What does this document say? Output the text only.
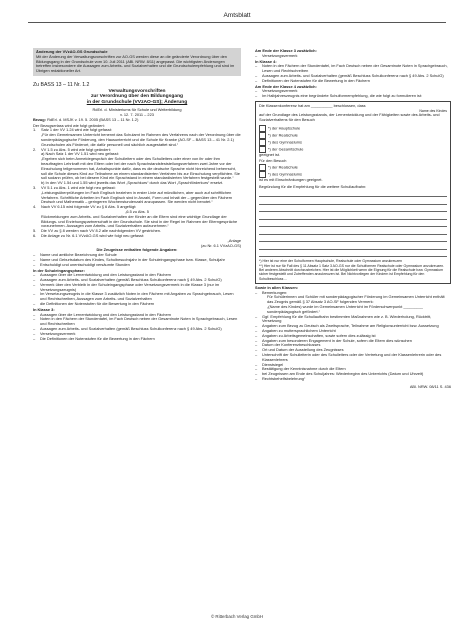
Amtsblatt
Änderung der VVzAO-GS Grundschule
Mit der Änderung der Verwaltungsvorschriften zur AO-GS werden diese an die geänderte Verordnung über den Bildungsgang in der Grundschule vom 10. Juli 2011 (ABl. NRW. 8/11) angepasst. Die wichtigsten Änderungen betreffen insbesondere die Aussagen zum Arbeits- und Sozialverhalten und die Grundschulempfehlung und sind im Übrigen redaktioneller Art.
Zu BASS 13 – 11 Nr. 1.2
Verwaltungsvorschriften
zur Verordnung über den Bildungsgang
in der Grundschule (VVzAO-GS); Änderung
RdErl. d. Ministeriums für Schule und Weiterbildung
v. 12. 7. 2011 – 223
Bezug: RdErl. d. MSJK v. 19. 5. 2005 (BASS 13 – 11 Nr. 1.2)
Der Bezugserlass wird wie folgt geändert:
1.	Satz 1 der VV 1.24 wird wie folgt gefasst:
„Für den Gemeinsamen Unterricht benennt das Schulamt im Rahmen des Verfahrens nach der Verordnung über die sonderpädagogische Förderung, den Hausunterricht und die Schule für Kranke (AO-SF – BASS 13 – 41 Nr. 2.1) Grundschulen als Förderort, die dafür personell und sächlich ausgestattet sind.“
2.	VV 1.5 zu Abs. 5 wird wie folgt geändert:
a) Nach Satz 1 der VV 1.51 wird neu gefasst:
„Ergeben sich beim Anmeldegespräch der Schulleitern oder des Schulleiters oder einer von ihr oder ihm beauftragten Lehrkraft mit den Eltern oder bei der nach Sprachstandsfeststellungsverfahren zwei Jahre vor der Einschulung teilgenommen hat, Anhaltspunkte dafür, dass es die deutsche Sprache nicht hinreichend beherrscht, soll die Schule dieses Kind zur Teilnahme an einem standardisierten Verfahren bis zur Einschulung verpflichten. Sie soll sodann prüfen, ob bei diesem Kind ein Sprachstand in einem standardisierten Verfahren festgestellt wurde.“
b) In den VV 1.54 und 1.55 wird jeweils das Wort „Sprachkurs“ durch das Wort „Sprachförderkurs“ ersetzt.
3.	VV 5.1 zu Abs. 1 wird wie folgt neu gefasst:
„Leistungsüberprüfungen im Fach Englisch beziehen in erster Linie auf mündlichen, aber auch auf schriftlichen Verfahren. Schriftliche Arbeiten im Fach Englisch sind in Anzahl, Form und Inhalt der – gegenüber den Fächern Deutsch und Mathematik – geringeren Wochenstundenzahl anzupassen. Sie werden nicht benotet.“
4.	Nach VV 6.15 wird folgende VV zu § 6 Abs. 5 angefügt:
„6.5 zu Abs. 5
Rückmeldungen zum Arbeits- und Sozialverhalten der Kinder an die Eltern sind eine wichtige Grundlage der Bildungs- und Erziehungspartnerschaft in der Grundschule. Sie sind in der Regel im Rahmen der Elterngespräche vorzunehmen. Aussagen zum Arbeits- und Sozialverhalten aufzunehmen.“
5.	Die VV zu § 8 werden nach VV 8.2 alle nachfolgenden VV gestrichen.
6.	Die Anlage zu Nr. 6.1 VVzAO-GS wird wie folgt neu gefasst:
„Anlage
(zu Nr. 6.1 VVzAO-GS)
Die Zeugnisse enthalten folgende Angaben:
–	Name und amtliche Bezeichnung der Schule
–	Name und Geburtsdatum des Kindes, Schulbesuchsjahr in der Schuleingangsphase bzw. Klasse, Schuljahr
–	Entschuldigt und unentschuldigt versäumte Stunden
In der Schuleingangsphase:
–	Aussagen über die Lernentwicklung und den Leistungsstand in den Fächern
–	Aussagen zum Arbeits- und Sozialverhalten (gemäß Beschluss Schulkonferenz nach § 49 Abs. 2 SchulG)
–	Vermerk über den Verbleib in der Schuleingangsphase oder Versetzungsvermerk in die Klasse 3 (nur im Versetzungszeugnis)
–	Im Versetzungszeugnis in die Klasse 3 zusätzlich Noten in den Fächern mit Angaben zu Sprachgebrauch, Lesen und Rechtschreiben, Aussagen zum Arbeits- und Sozialverhalten
–	die Definitionen der Notenstufen für die Bewertung in den Fächern
In Klasse 3:
–	Aussagen über die Lernentwicklung und den Leistungsstand in den Fächern
–	Noten in den Fächern der Stundentafel, im Fach Deutsch neben der Gesamtnote Noten in Sprachgebrauch, Lesen und Rechtschreiben
–	Aussagen zum Arbeits- und Sozialverhalten (gemäß Beschluss Schulkonferenz nach § 49 Abs. 2 SchulG)
–	Versetzungsvermerk
–	Die Definitionen der Notenstufen für die Bewertung in den Fächern
Am Ende der Klasse 3 zusätzlich:
–	Versetzungsvermerk
In Klasse 4:
–	Noten in den Fächern der Stundentafel, im Fach Deutsch neben der Gesamtnote Noten in Sprachgebrauch, Lesen und Rechtschreiben
–	Aussagen zum Arbeits- und Sozialverhalten (gemäß Beschluss Schulkonferenz nach § 49 Abs. 2 SchulG)
–	Definitionen der Notenstufen für die Bewertung in den Fächern
Am Ende der Klasse 4 zusätzlich:
–	Versetzungsvermerk
–	Im Halbjahreszeugnis eine begründete Schulformempfehlung, die wie folgt zu formulieren ist:
Die Klassenkonferenz hat am __________ beschlossen, dass
Name des Kindes
auf der Grundlage des Leistungsstands, der Lernentwicklung und der Fähigkeiten sowie des Arbeits- und Sozialverhaltens für den Besuch
*) der Hauptschule
*) der Realschule
*) des Gymnasiums
*) der Gesamtschule
geeignet ist.
Für den Besuch
*) der Realschule
*) des Gymnasiums
ist es mit Einschränkungen geeignet.
Begründung für die Empfehlung für die weitere Schullaufbahn:
*) Hier ist nur eine der Schulformen Hauptschule, Realschule oder Gymnasium anzukreuzen
**) Hier ist nur für Fall des § 11 Absatz 1 Satz 3 AO-GS nur die Schulformen Realschule oder Gymnasium anzukreuzen. Bei anderen Abschnitt durchzustreichen. Hier ist die Möglichkeit wenn die Eignung für die Realschule bzw. Gymnasium sicher festgestellt und Zutreffenden anzukreuzen ist. Bei Nichtvorliegen der Kindern ist Empfehlung für den Schulbeschluss ...
Sowie in allen Klassen:
–	Bemerkungen:
Für Schülerinnen und Schüler mit sonderpädagogischer Förderung im Gemeinsamen Unterricht enthält das Zeugnis gemäß § 37 Absatz 3 AO-SF folgenden Vermerk:
„(Name des Kindes) wurde im Gemeinsamen Unterricht im Förderschwerpunkt _________ sonderpädagogisch gefördert.“
–	Ggf. Empfehlung für die Schullaufbahn bestimmten Maßnahmen wie z. B. Wiederholung, Rücktritt, Versetzung
–	Angaben zum Bezug zu Deutsch als Zweitsprache, Teilnahme am Religionsunterricht bzw. Aussetzung
–	Angaben zu muttersprachlichem Unterricht
–	Angaben zu Arbeitsgemeinschaften, sowie sofern dies zulässig ist
–	Angaben zum besonderen Engagement in der Schule, sofern die Eltern dies wünschen
–	Datum der Konferenzbeschlusses
–	Ort und Datum der Ausstellung des Zeugnisses
–	Unterschrift der Schulleiterin oder des Schulleiters oder der Vertretung und der Klassenlehrerin oder des Klassenlehrers
–	Dienstsiegel
–	Bestätigung der Kenntnisnahme durch die Eltern
–	bei Zeugnissen am Ende des Schuljahres: Wiederbeginn des Unterrichts (Datum und Uhrzeit)
–	Rechtsbehelfsbelehrung“
ABl. NRW. 08/11 S. 436
© Ritterbach Verlag GmbH
